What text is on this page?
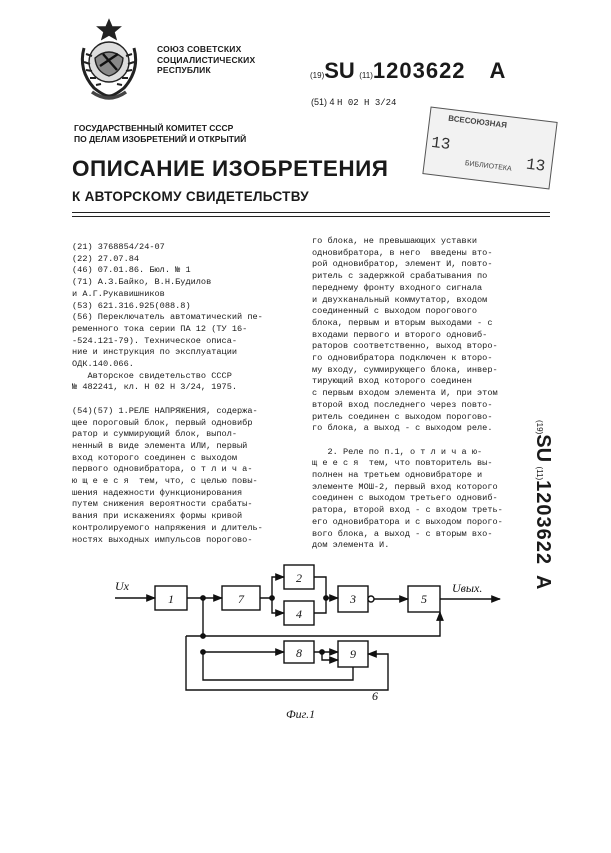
СОЮЗ СОВЕТСКИХ
СОЦИАЛИСТИЧЕСКИХ
РЕСПУБЛИК
(19)SU (11)1203622 A
(51) 4 Н 02 Н 3/24
ГОСУДАРСТВЕННЫЙ КОМИТЕТ СССР
ПО ДЕЛАМ ИЗОБРЕТЕНИЙ И ОТКРЫТИЙ
ВСЕСОЮЗНАЯ
13
13
БИБЛИОТЕКА
ОПИСАНИЕ ИЗОБРЕТЕНИЯ
К АВТОРСКОМУ СВИДЕТЕЛЬСТВУ
(21) 3768854/24-07
(22) 27.07.84
(46) 07.01.86. Бюл. № 1
(71) А.З.Байко, В.Н.Будилов
и А.Г.Рукавишников
(53) 621.316.925(088.8)
(56) Переключатель автоматический пе-
ременного тока серии ПА 12 (ТУ 16-
-524.121-79). Техническое описа-
ние и инструкция по эксплуатации
ОДК.140.066.
Авторское свидетельство СССР
№ 482241, кл. Н 02 Н 3/24, 1975.

(54)(57) 1.РЕЛЕ НАПРЯЖЕНИЯ, содержа-
щее пороговый блок, первый одновибр
ратор и суммирующий блок, выпол-
ненный в виде элемента ИЛИ, первый
вход которого соединен с выходом
первого одновибратора, о т л и ч а-
ю щ е е с я  тем, что, с целью повы-
шения надежности функционирования
путем снижения вероятности срабаты-
вания при искажениях формы кривой
контролируемого напряжения и длитель-
ностях выходных импульсов порогово-
го блока, не превышающих уставки
одновибратора, в него  введены вто-
рой одновибратор, элемент И, повто-
ритель с задержкой срабатывания по
переднему фронту входного сигнала
и двухканальный коммутатор, входом
соединенный с выходом порогового
блока, первым и вторым выходами - с
входами первого и второго одновиб-
раторов соответственно, выход второ-
го одновибратора подключен к второ-
му входу, суммирующего блока, инвер-
тирующий вход которого соединен
с первым входом элемента И, при этом
второй вход последнего через повто-
ритель соединен с выходом порогово-
го блока, а выход - с выходом реле.

2. Реле по п.1, о т л и ч а ю-
щ е е с я  тем, что повторитель вы-
полнен на третьем одновибраторе и
элементе МОШ-2, первый вход которого
соединен с выходом третьего одновиб-
ратора, второй вход - с входом треть-
его одновибратора и с выходом порого-
вого блока, а выход - с вторым вхо-
дом элемента И.
(19)SU (11)1203622A
Uх	Uвых.
1	7
2
4
3	5
8	9
6
Фиг.1
